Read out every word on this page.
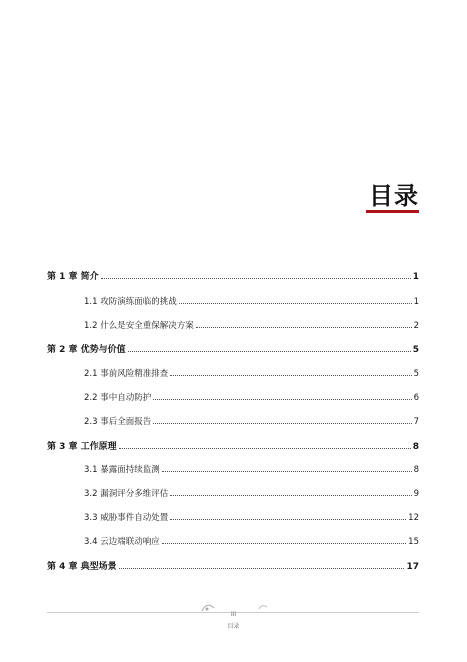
目录
第 1 章 简介	1
1.1 攻防演练面临的挑战	1
1.2 什么是安全重保解决方案	2
第 2 章 优势与价值	5
2.1 事前风险精准排查	5
2.2 事中自动防护	6
2.3 事后全面报告	7
第 3 章 工作原理	8
3.1 暴露面持续监测	8
3.2 漏洞评分多维评估	9
3.3 威胁事件自动处置	12
3.4 云边端联动响应	15
第 4 章 典型场景	17
iii
目录
